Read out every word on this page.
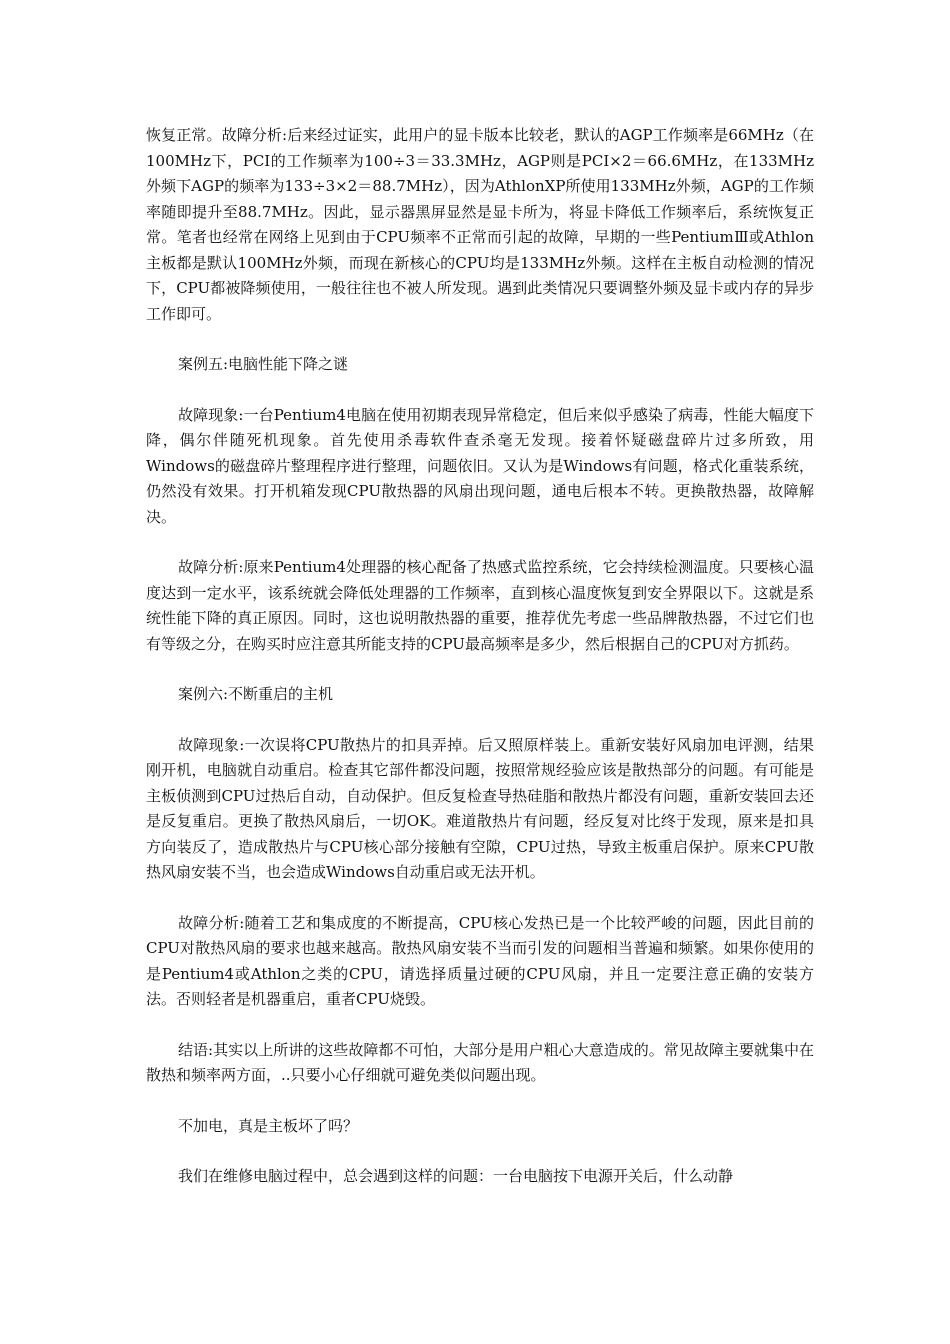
恢复正常。故障分析:后来经过证实，此用户的显卡版本比较老，默认的AGP工作频率是66MHz（在100MHz下，PCI的工作频率为100÷3＝33.3MHz，AGP则是PCI×2＝66.6MHz，在133MHz外频下AGP的频率为133÷3×2＝88.7MHz），因为AthlonXP所使用133MHz外频，AGP的工作频率随即提升至88.7MHz。因此，显示器黑屏显然是显卡所为，将显卡降低工作频率后，系统恢复正常。笔者也经常在网络上见到由于CPU频率不正常而引起的故障，早期的一些PentiumⅢ或Athlon主板都是默认100MHz外频，而现在新核心的CPU均是133MHz外频。这样在主板自动检测的情况下，CPU都被降频使用，一般往往也不被人所发现。遇到此类情况只要调整外频及显卡或内存的异步工作即可。

案例五:电脑性能下降之谜

故障现象:一台Pentium4电脑在使用初期表现异常稳定，但后来似乎感染了病毒，性能大幅度下降，偶尔伴随死机现象。首先使用杀毒软件查杀毫无发现。接着怀疑磁盘碎片过多所致，用Windows的磁盘碎片整理程序进行整理，问题依旧。又认为是Windows有问题，格式化重装系统，仍然没有效果。打开机箱发现CPU散热器的风扇出现问题，通电后根本不转。更换散热器，故障解决。

故障分析:原来Pentium4处理器的核心配备了热感式监控系统，它会持续检测温度。只要核心温度达到一定水平，该系统就会降低处理器的工作频率，直到核心温度恢复到安全界限以下。这就是系统性能下降的真正原因。同时，这也说明散热器的重要，推荐优先考虑一些品牌散热器，不过它们也有等级之分，在购买时应注意其所能支持的CPU最高频率是多少，然后根据自己的CPU对方抓药。

案例六:不断重启的主机

故障现象:一次误将CPU散热片的扣具弄掉。后又照原样装上。重新安装好风扇加电评测，结果刚开机，电脑就自动重启。检查其它部件都没问题，按照常规经验应该是散热部分的问题。有可能是主板侦测到CPU过热后自动，自动保护。但反复检查导热硅脂和散热片都没有问题，重新安装回去还是反复重启。更换了散热风扇后，一切OK。难道散热片有问题，经反复对比终于发现，原来是扣具方向装反了，造成散热片与CPU核心部分接触有空隙，CPU过热，导致主板重启保护。原来CPU散热风扇安装不当，也会造成Windows自动重启或无法开机。

故障分析:随着工艺和集成度的不断提高，CPU核心发热已是一个比较严峻的问题，因此目前的CPU对散热风扇的要求也越来越高。散热风扇安装不当而引发的问题相当普遍和频繁。如果你使用的是Pentium4或Athlon之类的CPU，请选择质量过硬的CPU风扇，并且一定要注意正确的安装方法。否则轻者是机器重启，重者CPU烧毁。

结语:其实以上所讲的这些故障都不可怕，大部分是用户粗心大意造成的。常见故障主要就集中在散热和频率两方面，..只要小心仔细就可避免类似问题出现。

不加电，真是主板坏了吗？

我们在维修电脑过程中，总会遇到这样的问题：一台电脑按下电源开关后，什么动静
